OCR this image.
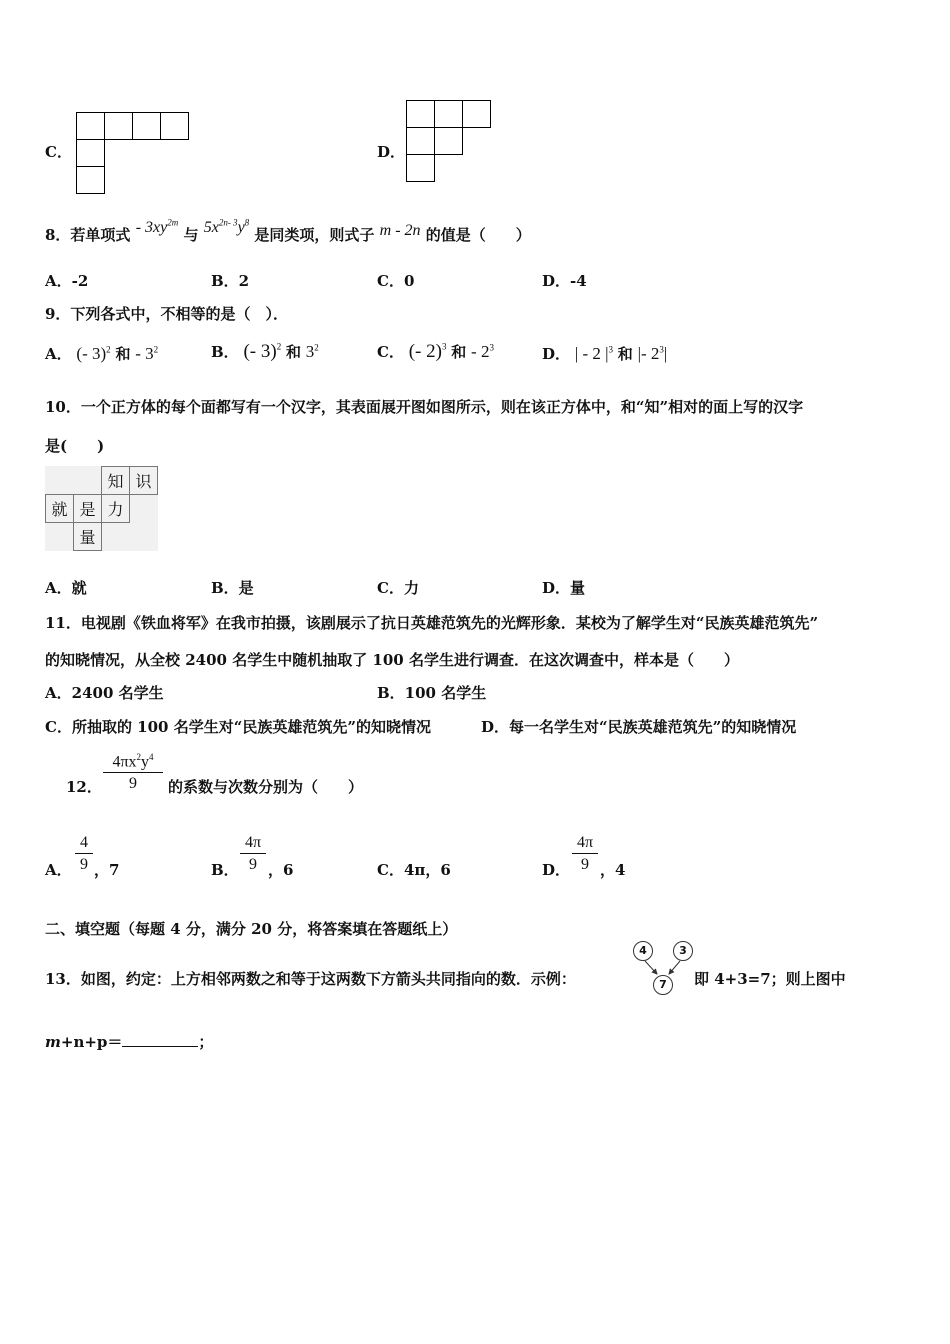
C．

				D．

8．若单项式 - $3xy^{2m}$ 与 $5x^{2n- 3}y^8$ 是同类项，则式子 m - 2n 的值是（　　）
A．-2	B．2	C．0	D．-4
9．下列各式中，不相等的是（　）．
A． (- 3)$^2$ 和 - $3^2$	B． (- 3)$^2$ 和 $3^2$	C． (- 2)$^3$ 和 - $2^3$	D． | - 2 $|^3$ 和 |- $2^3|$
10．一个正方体的每个面都写有一个汉字，其表面展开图如图所示，则在该正方体中，和“知”相对的面上写的汉字
是(　　)
		知	识
就	是	力	
	量		
A．就	B．是	C．力	D．量
11．电视剧《铁血将军》在我市拍摄，该剧展示了抗日英雄范筑先的光辉形象．某校为了解学生对“民族英雄范筑先”
的知晓情况，从全校 2400 名学生中随机抽取了 100 名学生进行调查．在这次调查中，样本是（　　）
A．2400 名学生	B．100 名学生
C．所抽取的 100 名学生对“民族英雄范筑先”的知晓情况	D．每一名学生对“民族英雄范筑先”的知晓情况
12． $\frac{4\pi x^2y^4}{9}$ 的系数与次数分别为（　　）
A． $\frac{4}{9}$ ，7	B． $\frac{4\pi}{9}$ ，6	C．4π，6	D． $\frac{4\pi}{9}$ ，4
二、填空题（每题 4 分，满分 20 分，将答案填在答题纸上）
13．如图，约定：上方相邻两数之和等于这两数下方箭头共同指向的数．示例：
4	3
7	即 4+3=7；则上图中
m+n+p＝	；
